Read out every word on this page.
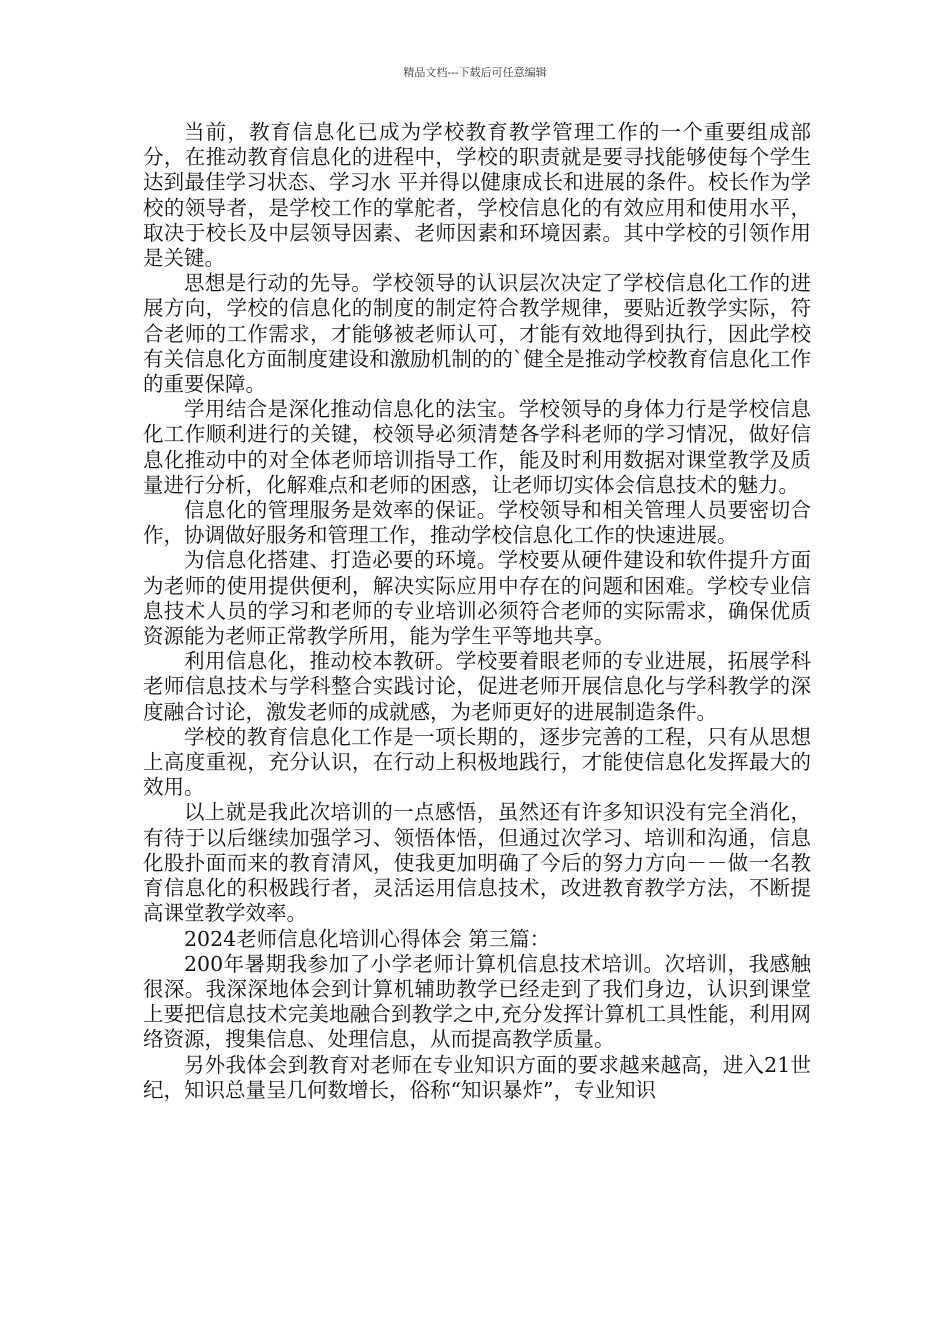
精品文档---下载后可任意编辑

当前，教育信息化已成为学校教育教学管理工作的一个重要组成部分，在推动教育信息化的进程中，学校的职责就是要寻找能够使每个学生达到最佳学习状态、学习水 平并得以健康成长和进展的条件。校长作为学校的领导者，是学校工作的掌舵者，学校信息化的有效应用和使用水平，取决于校长及中层领导因素、老师因素和环境因素。其中学校的引领作用是关键。

思想是行动的先导。学校领导的认识层次决定了学校信息化工作的进展方向，学校的信息化的制度的制定符合教学规律，要贴近教学实际，符合老师的工作需求，才能够被老师认可，才能有效地得到执行，因此学校有关信息化方面制度建设和激励机制的的`健全是推动学校教育信息化工作的重要保障。

学用结合是深化推动信息化的法宝。学校领导的身体力行是学校信息化工作顺利进行的关键，校领导必须清楚各学科老师的学习情况，做好信息化推动中的对全体老师培训指导工作，能及时利用数据对课堂教学及质量进行分析，化解难点和老师的困惑，让老师切实体会信息技术的魅力。

信息化的管理服务是效率的保证。学校领导和相关管理人员要密切合作，协调做好服务和管理工作，推动学校信息化工作的快速进展。

为信息化搭建、打造必要的环境。学校要从硬件建设和软件提升方面为老师的使用提供便利，解决实际应用中存在的问题和困难。学校专业信息技术人员的学习和老师的专业培训必须符合老师的实际需求，确保优质资源能为老师正常教学所用，能为学生平等地共享。

利用信息化，推动校本教研。学校要着眼老师的专业进展，拓展学科老师信息技术与学科整合实践讨论，促进老师开展信息化与学科教学的深度融合讨论，激发老师的成就感，为老师更好的进展制造条件。

学校的教育信息化工作是一项长期的，逐步完善的工程，只有从思想上高度重视，充分认识，在行动上积极地践行，才能使信息化发挥最大的效用。

以上就是我此次培训的一点感悟，虽然还有许多知识没有完全消化，有待于以后继续加强学习、领悟体悟，但通过次学习、培训和沟通，信息化股扑面而来的教育清风，使我更加明确了今后的努力方向－－做一名教育信息化的积极践行者，灵活运用信息技术，改进教育教学方法，不断提高课堂教学效率。

2024老师信息化培训心得体会 第三篇：

200年暑期我参加了小学老师计算机信息技术培训。次培训，我感触很深。我深深地体会到计算机辅助教学已经走到了我们身边，认识到课堂上要把信息技术完美地融合到教学之中,充分发挥计算机工具性能，利用网络资源，搜集信息、处理信息，从而提高教学质量。

另外我体会到教育对老师在专业知识方面的要求越来越高，进入21世纪，知识总量呈几何数增长，俗称“知识暴炸”，专业知识
